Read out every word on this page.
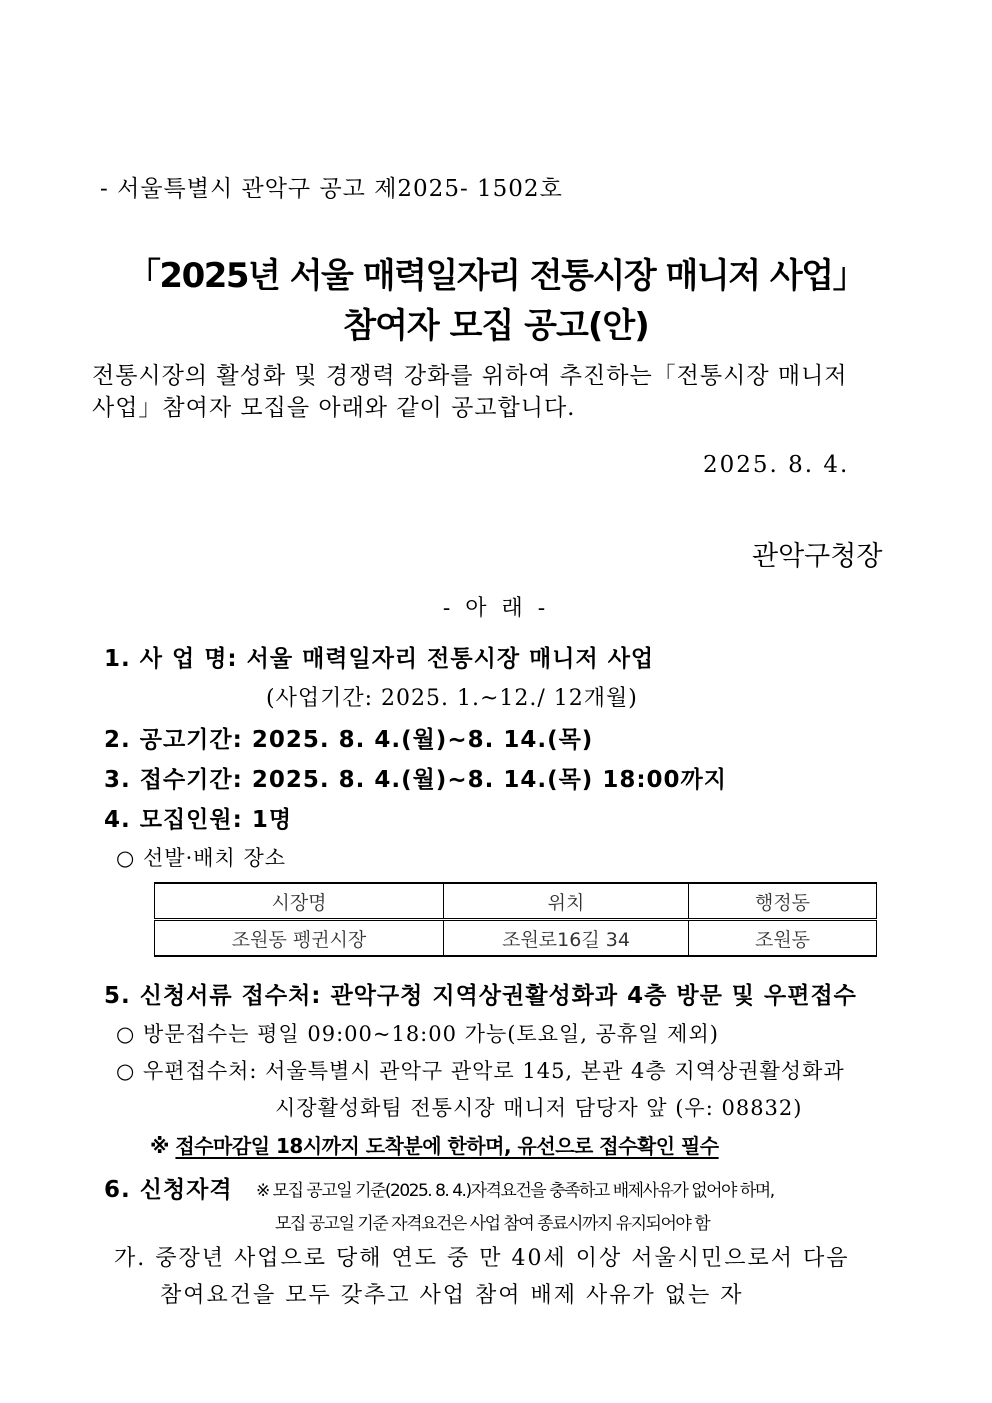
- 서울특별시 관악구 공고 제2025- 1502호
「2025년 서울 매력일자리 전통시장 매니저 사업」
참여자 모집 공고(안)
전통시장의 활성화 및 경쟁력 강화를 위하여 추진하는「전통시장 매니저
사업」참여자 모집을 아래와 같이 공고합니다.
2025. 8. 4.
관악구청장
- 아 래 -
1. 사 업 명: 서울 매력일자리 전통시장 매니저 사업
(사업기간: 2025. 1.~12./ 12개월)
2. 공고기간: 2025. 8. 4.(월)~8. 14.(목)
3. 접수기간: 2025. 8. 4.(월)~8. 14.(목) 18:00까지
4. 모집인원: 1명
○ 선발·배치 장소
시장명	위치	행정동
조원동 펭귄시장	조원로16길 34	조원동
5. 신청서류 접수처: 관악구청 지역상권활성화과 4층 방문 및 우편접수
○ 방문접수는 평일 09:00~18:00 가능(토요일, 공휴일 제외)
○ 우편접수처: 서울특별시 관악구 관악로 145, 본관 4층 지역상권활성화과
시장활성화팀 전통시장 매니저 담당자 앞 (우: 08832)
※ 접수마감일 18시까지 도착분에 한하며, 유선으로 접수확인 필수
6. 신청자격 ※ 모집 공고일 기준(2025. 8. 4.)자격요건을 충족하고 배제사유가 없어야 하며,
모집 공고일 기준 자격요건은 사업 참여 종료시까지 유지되어야 함
가. 중장년 사업으로 당해 연도 중 만 40세 이상 서울시민으로서 다음
참여요건을 모두 갖추고 사업 참여 배제 사유가 없는 자
